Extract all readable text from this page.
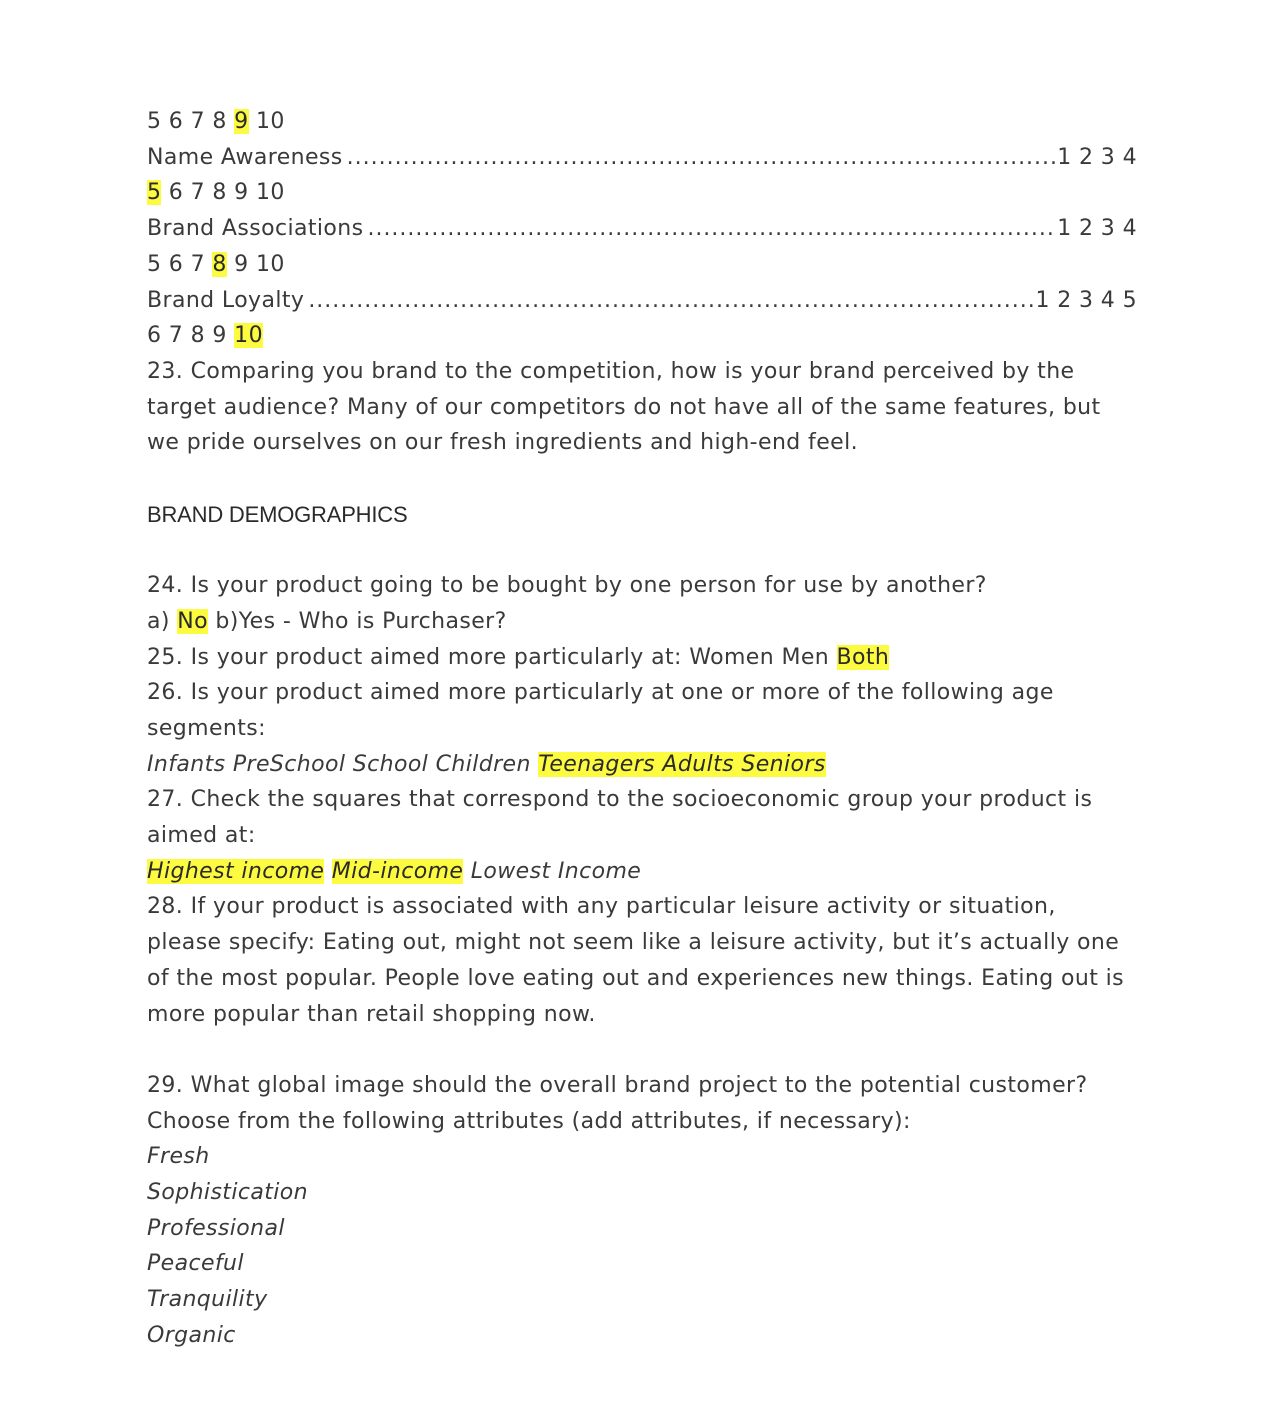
5 6 7 8 9 10
Name Awareness .....	1 2 3 4
5 6 7 8 9 10
Brand Associations .....	1 2 3 4
5 6 7 8 9 10
Brand Loyalty .....	1 2 3 4 5
6 7 8 9 10
23. Comparing you brand to the competition, how is your brand perceived by the target audience? Many of our competitors do not have all of the same features, but we pride ourselves on our fresh ingredients and high-end feel.
BRAND DEMOGRAPHICS
24. Is your product going to be bought by one person for use by another?
a) No b)Yes - Who is Purchaser?
25. Is your product aimed more particularly at: Women Men Both
26. Is your product aimed more particularly at one or more of the following age segments:
Infants PreSchool School Children Teenagers Adults Seniors
27. Check the squares that correspond to the socioeconomic group your product is aimed at:
Highest income Mid-income Lowest Income
28. If your product is associated with any particular leisure activity or situation, please specify: Eating out, might not seem like a leisure activity, but it’s actually one of the most popular. People love eating out and experiences new things. Eating out is more popular than retail shopping now.
29. What global image should the overall brand project to the potential customer? Choose from the following attributes (add attributes, if necessary):
Fresh
Sophistication
Professional
Peaceful
Tranquility
Organic
